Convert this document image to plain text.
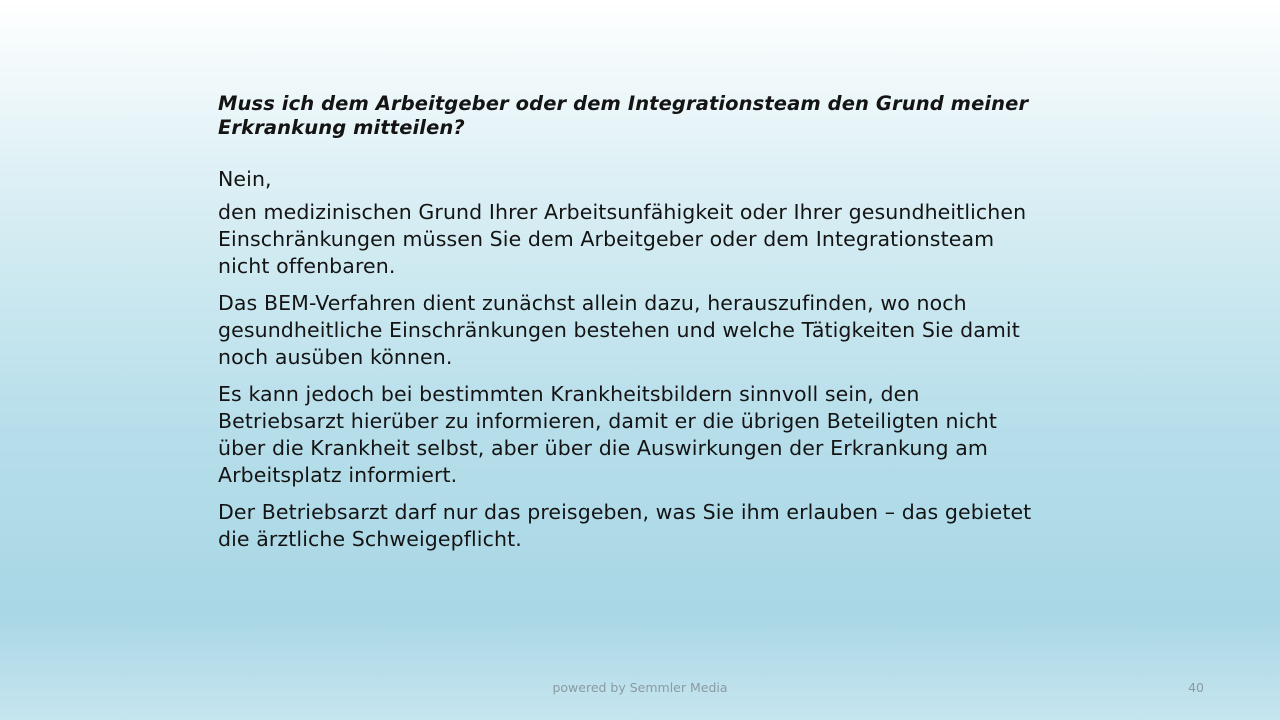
Muss ich dem Arbeitgeber oder dem Integrationsteam den Grund meiner Erkrankung mitteilen?

Nein,

den medizinischen Grund Ihrer Arbeitsunfähigkeit oder Ihrer gesundheitlichen Einschränkungen müssen Sie dem Arbeitgeber oder dem Integrationsteam nicht offenbaren.

Das BEM-Verfahren dient zunächst allein dazu, herauszufinden, wo noch gesundheitliche Einschränkungen bestehen und welche Tätigkeiten Sie damit noch ausüben können.

Es kann jedoch bei bestimmten Krankheitsbildern sinnvoll sein, den Betriebsarzt hierüber zu informieren, damit er die übrigen Beteiligten nicht über die Krankheit selbst, aber über die Auswirkungen der Erkrankung am Arbeitsplatz informiert.

Der Betriebsarzt darf nur das preisgeben, was Sie ihm erlauben – das gebietet die ärztliche Schweigepflicht.

powered by Semmler Media	40
